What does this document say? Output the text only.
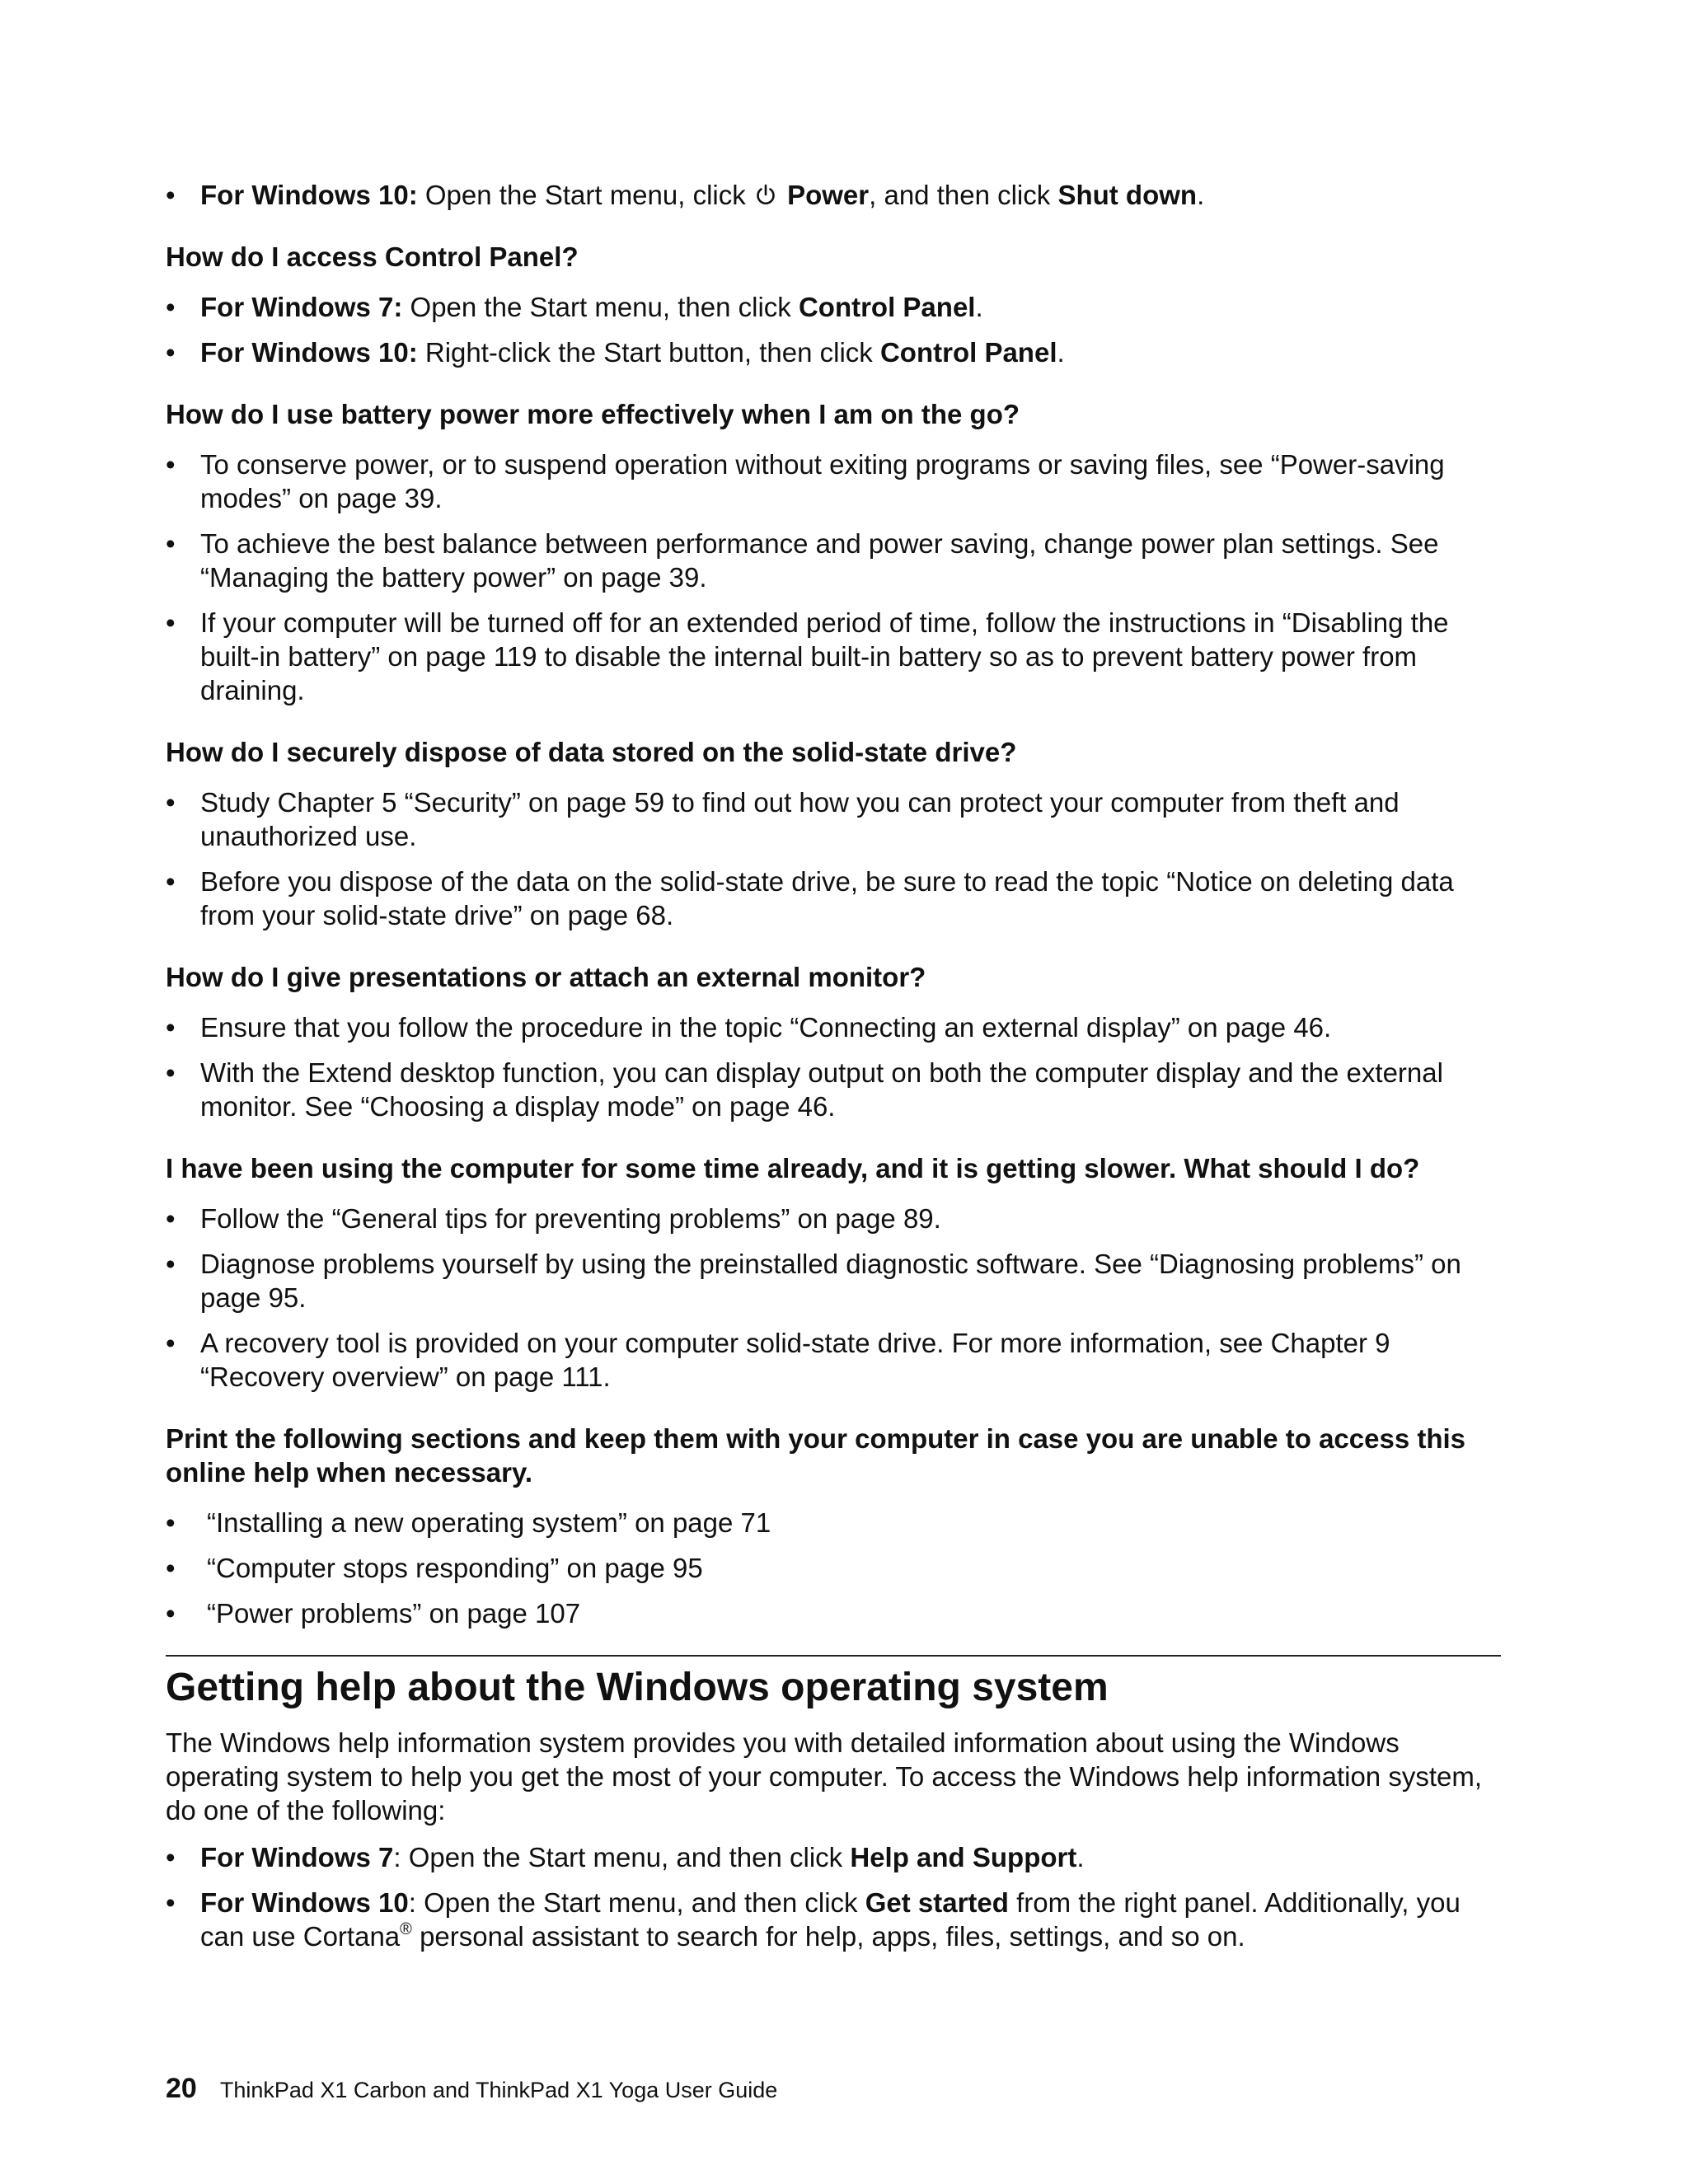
• For Windows 10: Open the Start menu, click Power, and then click Shut down.
How do I access Control Panel?
• For Windows 7: Open the Start menu, then click Control Panel.
• For Windows 10: Right-click the Start button, then click Control Panel.
How do I use battery power more effectively when I am on the go?
• To conserve power, or to suspend operation without exiting programs or saving files, see “Power-saving modes” on page 39.
• To achieve the best balance between performance and power saving, change power plan settings. See “Managing the battery power” on page 39.
• If your computer will be turned off for an extended period of time, follow the instructions in “Disabling the built-in battery” on page 119 to disable the internal built-in battery so as to prevent battery power from draining.
How do I securely dispose of data stored on the solid-state drive?
• Study Chapter 5 “Security” on page 59 to find out how you can protect your computer from theft and unauthorized use.
• Before you dispose of the data on the solid-state drive, be sure to read the topic “Notice on deleting data from your solid-state drive” on page 68.
How do I give presentations or attach an external monitor?
• Ensure that you follow the procedure in the topic “Connecting an external display” on page 46.
• With the Extend desktop function, you can display output on both the computer display and the external monitor. See “Choosing a display mode” on page 46.
I have been using the computer for some time already, and it is getting slower. What should I do?
• Follow the “General tips for preventing problems” on page 89.
• Diagnose problems yourself by using the preinstalled diagnostic software. See “Diagnosing problems” on page 95.
• A recovery tool is provided on your computer solid-state drive. For more information, see Chapter 9 “Recovery overview” on page 111.
Print the following sections and keep them with your computer in case you are unable to access this online help when necessary.
• “Installing a new operating system” on page 71
• “Computer stops responding” on page 95
• “Power problems” on page 107
Getting help about the Windows operating system
The Windows help information system provides you with detailed information about using the Windows operating system to help you get the most of your computer. To access the Windows help information system, do one of the following:
• For Windows 7: Open the Start menu, and then click Help and Support.
• For Windows 10: Open the Start menu, and then click Get started from the right panel. Additionally, you can use Cortana® personal assistant to search for help, apps, files, settings, and so on.
20 ThinkPad X1 Carbon and ThinkPad X1 Yoga User Guide
